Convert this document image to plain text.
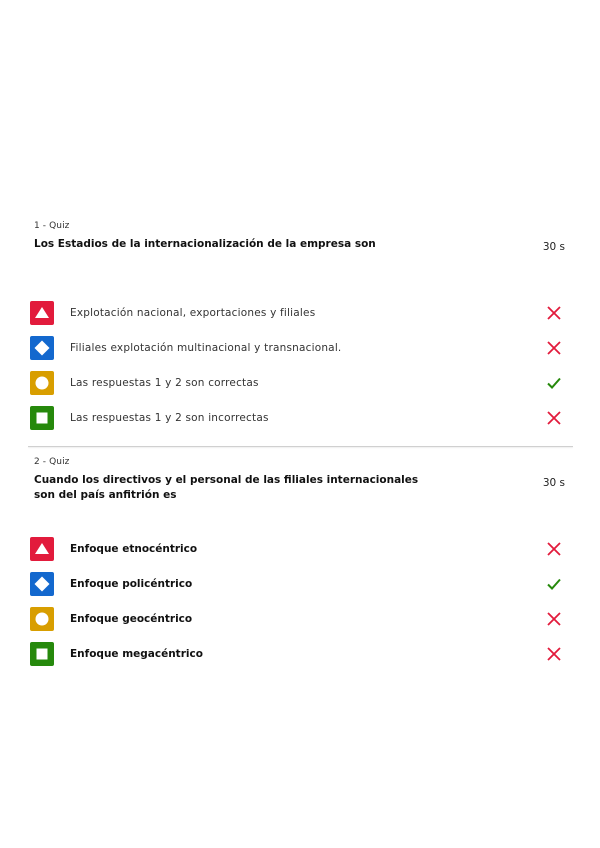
1 - Quiz
Los Estadios de la internacionalización de la empresa son	30 s
Explotación nacional, exportaciones y filiales
Filiales explotación multinacional y transnacional.
Las respuestas 1 y 2 son correctas
Las respuestas 1 y 2 son incorrectas
2 - Quiz
Cuando los directivos y el personal de las filiales internacionales son del país anfitrión es
30 s
Enfoque etnocéntrico
Enfoque policéntrico
Enfoque geocéntrico
Enfoque megacéntrico
